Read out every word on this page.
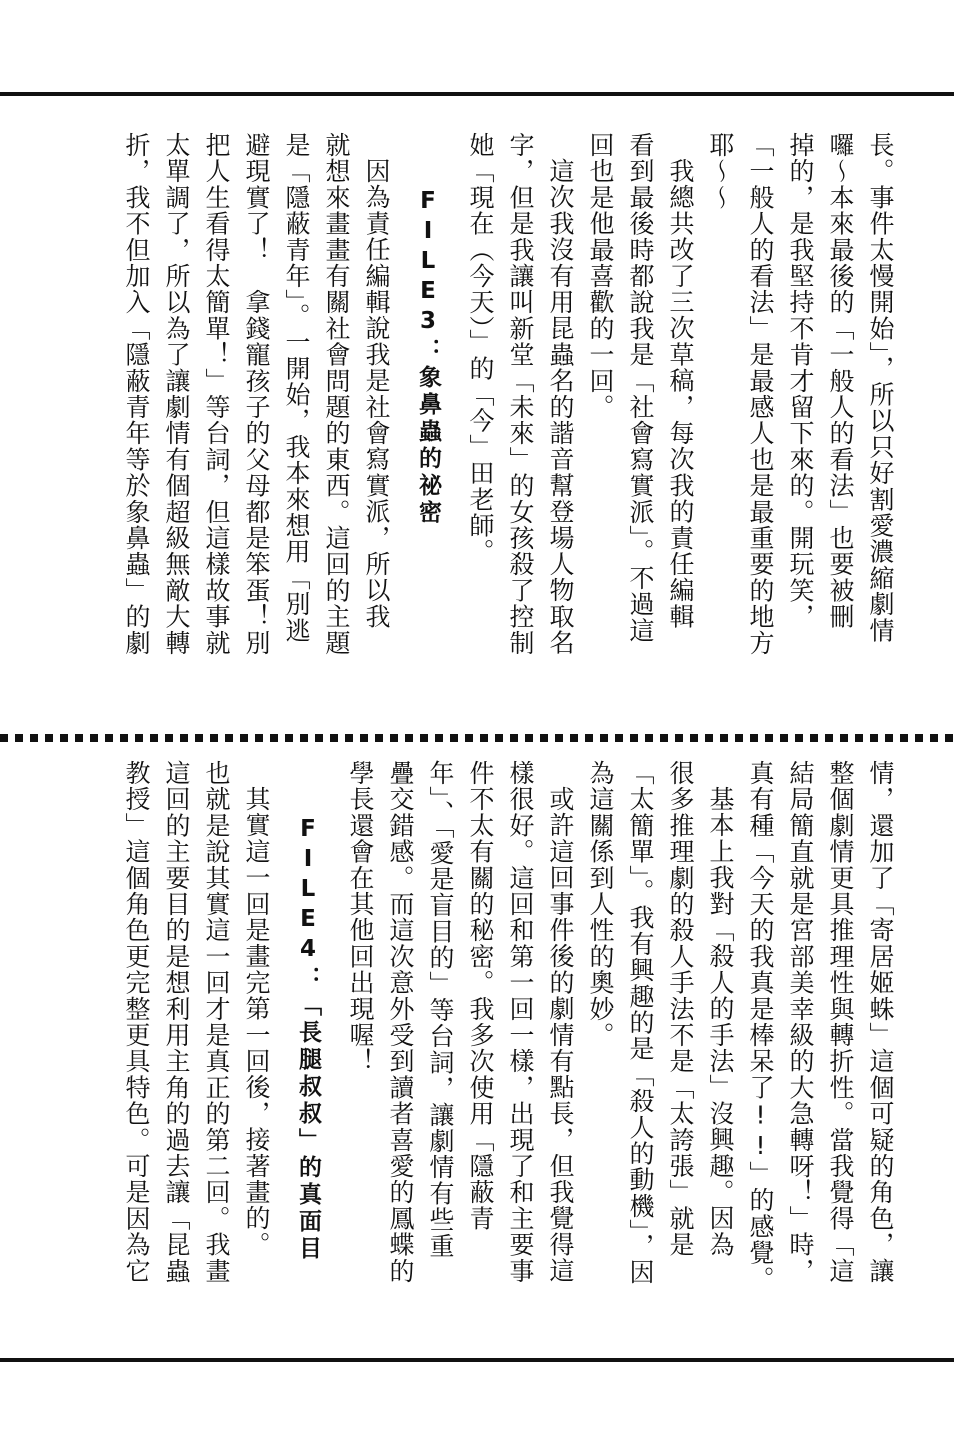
長。事件太慢開始」，所以只好割愛濃縮劇情
囉～本來最後的「一般人的看法」也要被刪
掉的，是我堅持不肯才留下來的。開玩笑，
「一般人的看法」是最感人也是最重要的地方
耶～～
我總共改了三次草稿，每次我的責任編輯
看到最後時都說我是「社會寫實派」。不過這
回也是他最喜歡的一回。
這次我沒有用昆蟲名的諧音幫登場人物取名
字，但是我讓叫新堂「未來」的女孩殺了控制
她「現在（今天）」的「今」田老師。
FILE3：象鼻蟲的祕密
因為責任編輯說我是社會寫實派，所以我
就想來畫畫有關社會問題的東西。這回的主題
是「隱蔽青年」。一開始，我本來想用「別逃
避現實了！　拿錢寵孩子的父母都是笨蛋！別
把人生看得太簡單！」等台詞，但這樣故事就
太單調了，所以為了讓劇情有個超級無敵大轉
折，我不但加入「隱蔽青年等於象鼻蟲」的劇
情，還加了「寄居姬蛛」這個可疑的角色，讓
整個劇情更具推理性與轉折性。當我覺得「這
結局簡直就是宮部美幸級的大急轉呀！」時，
真有種「今天的我真是棒呆了!!」的感覺。
基本上我對「殺人的手法」沒興趣。因為
很多推理劇的殺人手法不是「太誇張」就是
「太簡單」。我有興趣的是「殺人的動機」，因
為這關係到人性的奧妙。
或許這回事件後的劇情有點長，但我覺得這
樣很好。這回和第一回一樣，出現了和主要事
件不太有關的秘密。我多次使用「隱蔽青
年」、「愛是盲目的」等台詞，讓劇情有些重
疊交錯感。而這次意外受到讀者喜愛的鳳蝶的
學長還會在其他回出現喔！
FILE4：「長腿叔叔」的真面目
其實這一回是畫完第一回後，接著畫的。
也就是說其實這一回才是真正的第二回。我畫
這回的主要目的是想利用主角的過去讓「昆蟲
教授」這個角色更完整更具特色。可是因為它
